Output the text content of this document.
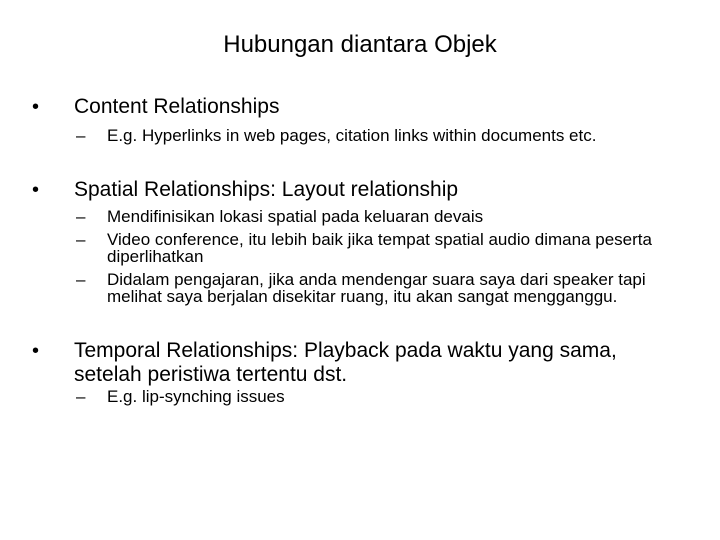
Hubungan diantara Objek
•	Content Relationships
–	E.g. Hyperlinks in web pages, citation links within documents etc.
•	Spatial Relationships: Layout relationship
–	Mendifinisikan lokasi spatial pada keluaran devais
–	Video conference, itu lebih baik jika tempat spatial audio dimana peserta diperlihatkan
–	Didalam pengajaran, jika anda mendengar suara saya dari speaker tapi melihat saya berjalan disekitar ruang, itu akan sangat mengganggu.
•	Temporal Relationships: Playback pada waktu yang sama, setelah peristiwa tertentu dst.
–	E.g. lip-synching issues
